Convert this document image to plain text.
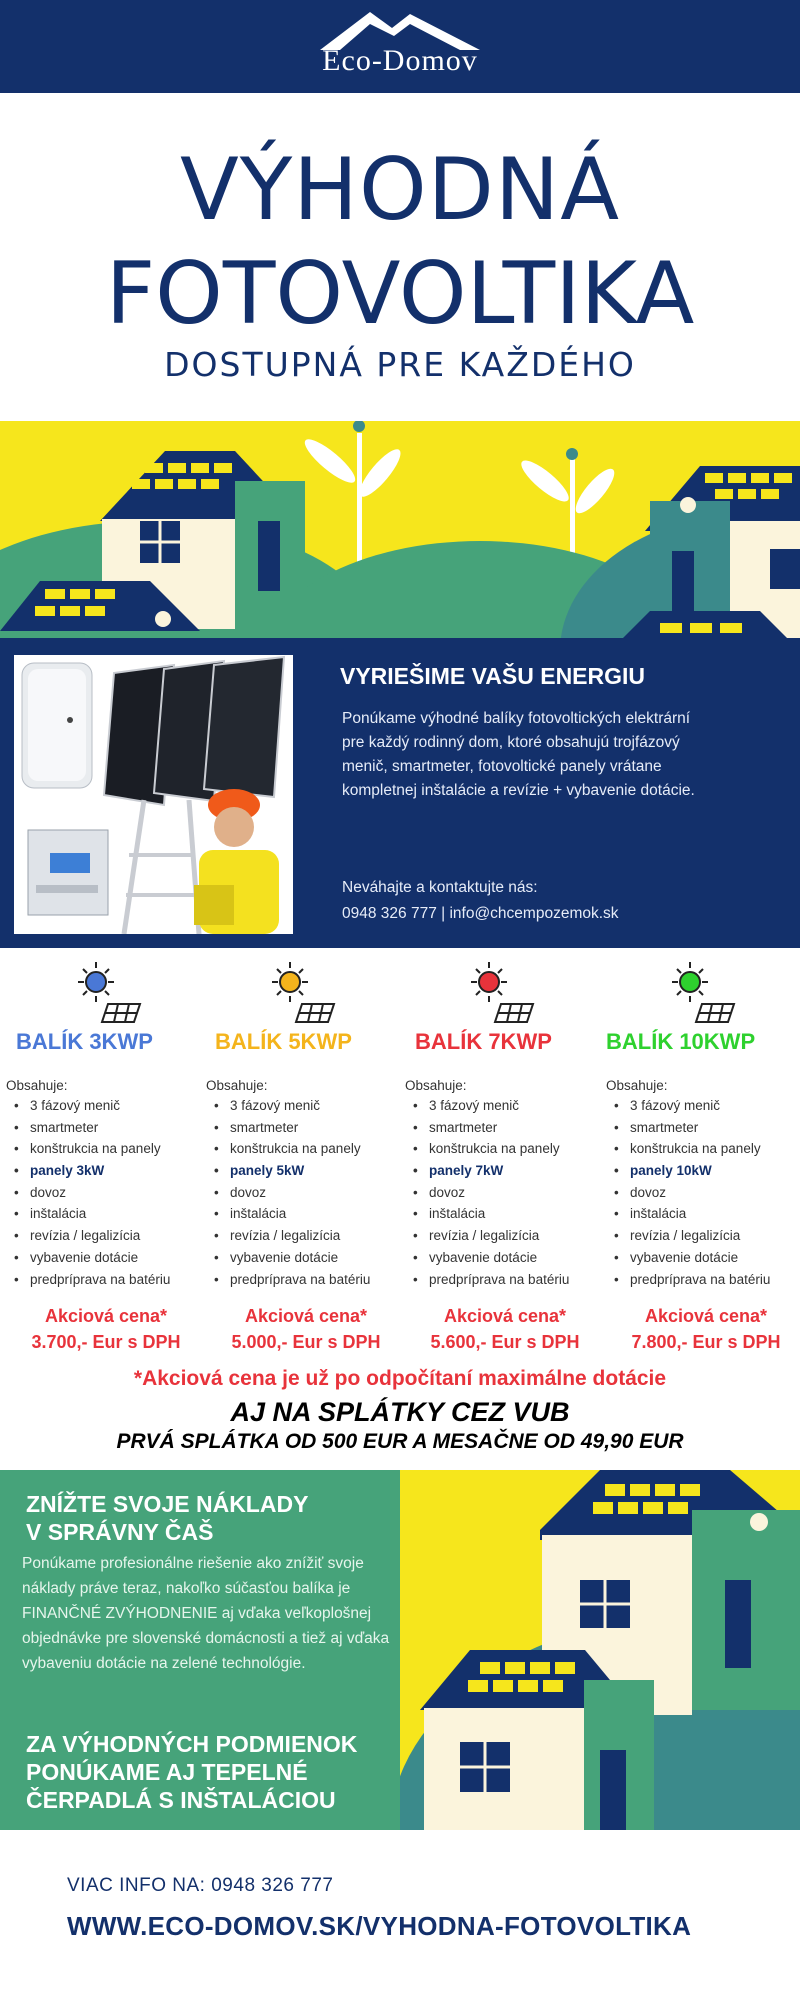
Eco-Domov
VÝHODNÁ
FOTOVOLTIKA
DOSTUPNÁ PRE KAŽDÉHO
VYRIEŠIME VAŠU ENERGIU
Ponúkame výhodné balíky fotovoltických elektrární pre každý rodinný dom, ktoré obsahujú trojfázový menič, smartmeter, fotovoltické panely vrátane kompletnej inštalácie a revízie + vybavenie dotácie.
Neváhajte a kontaktujte nás:
0948 326 777 | info@chcempozemok.sk
BALÍK 3KWP
Obsahuje:
• 3 fázový menič
• smartmeter
• konštrukcia na panely
• panely 3kW
• dovoz
• inštalácia
• revízia / legalizícia
• vybavenie dotácie
• predpríprava na batériu
Akciová cena*
3.700,- Eur s DPH
BALÍK 5KWP
Obsahuje:
• 3 fázový menič
• smartmeter
• konštrukcia na panely
• panely 5kW
• dovoz
• inštalácia
• revízia / legalizícia
• vybavenie dotácie
• predpríprava na batériu
Akciová cena*
5.000,- Eur s DPH
BALÍK 7KWP
Obsahuje:
• 3 fázový menič
• smartmeter
• konštrukcia na panely
• panely 7kW
• dovoz
• inštalácia
• revízia / legalizícia
• vybavenie dotácie
• predpríprava na batériu
Akciová cena*
5.600,- Eur s DPH
BALÍK 10KWP
Obsahuje:
• 3 fázový menič
• smartmeter
• konštrukcia na panely
• panely 10kW
• dovoz
• inštalácia
• revízia / legalizícia
• vybavenie dotácie
• predpríprava na batériu
Akciová cena*
7.800,- Eur s DPH
*Akciová cena je už po odpočítaní maximálne dotácie
AJ NA SPLÁTKY CEZ VUB
PRVÁ SPLÁTKA OD 500 EUR A MESAČNE OD 49,90 EUR
ZNÍŽTE SVOJE NÁKLADY
V SPRÁVNY ČAŠ
Ponúkame profesionálne riešenie ako znížiť svoje náklady práve teraz, nakoľko súčasťou balíka je FINANČNÉ ZVÝHODNENIE aj vďaka veľkoplošnej objednávke pre slovenské domácnosti a tiež aj vďaka vybaveniu dotácie na zelené technológie.
ZA VÝHODNÝCH PODMIENOK
PONÚKAME AJ TEPELNÉ
ČERPADLÁ S INŠTALÁCIOU
VIAC INFO NA: 0948 326 777
WWW.ECO-DOMOV.SK/VYHODNA-FOTOVOLTIKA
